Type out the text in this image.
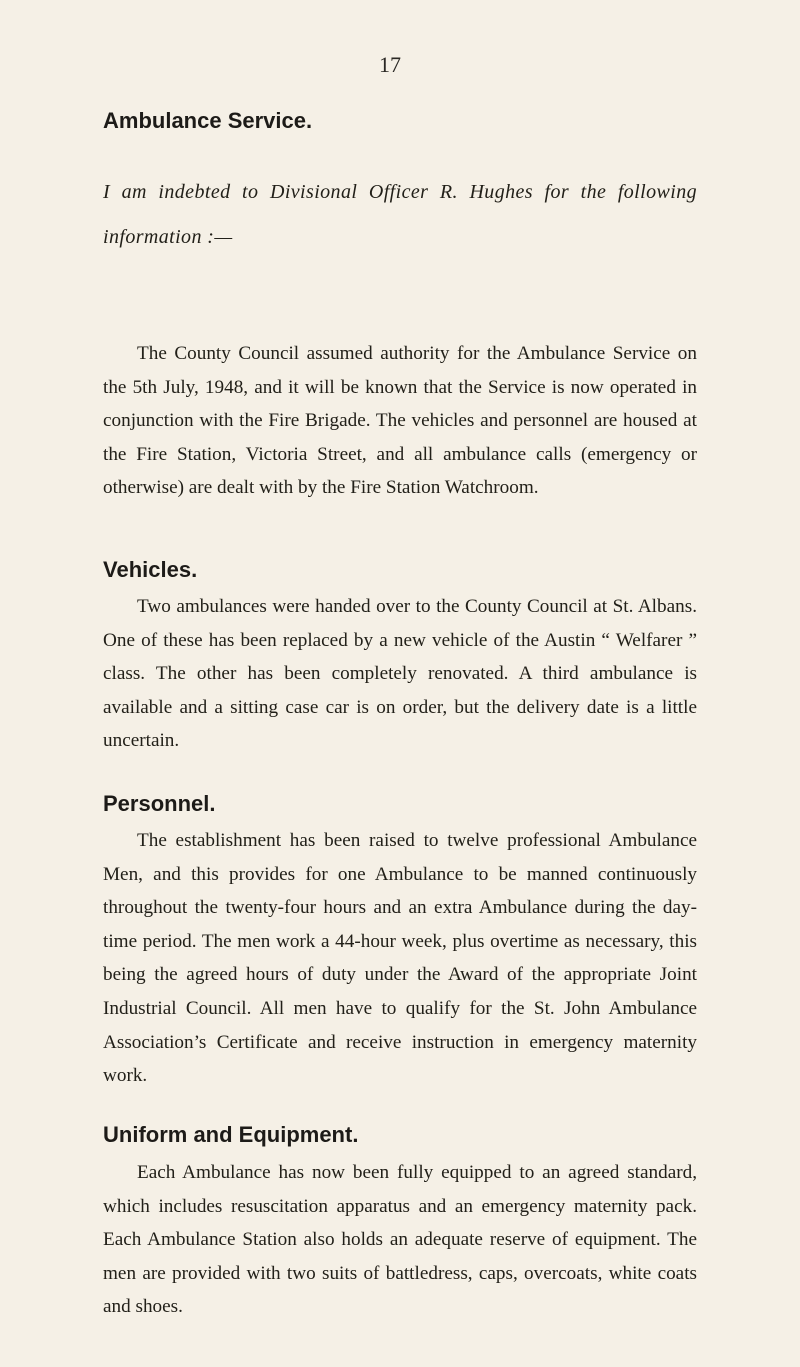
17
Ambulance Service.

I am indebted to Divisional Officer R. Hughes for the following information :—

The County Council assumed authority for the Ambulance Service on the 5th July, 1948, and it will be known that the Service is now operated in conjunction with the Fire Brigade. The vehicles and personnel are housed at the Fire Station, Victoria Street, and all ambulance calls (emergency or otherwise) are dealt with by the Fire Station Watchroom.

Vehicles.

Two ambulances were handed over to the County Council at St. Albans. One of these has been replaced by a new vehicle of the Austin “ Welfarer ” class. The other has been completely renovated. A third ambulance is available and a sitting case car is on order, but the delivery date is a little uncertain.

Personnel.

The establishment has been raised to twelve professional Ambulance Men, and this provides for one Ambulance to be manned continuously throughout the twenty-four hours and an extra Ambulance during the day-time period. The men work a 44-hour week, plus overtime as necessary, this being the agreed hours of duty under the Award of the appropriate Joint Industrial Council. All men have to qualify for the St. John Ambulance Association’s Certificate and receive instruction in emergency maternity work.

Uniform and Equipment.

Each Ambulance has now been fully equipped to an agreed standard, which includes resuscitation apparatus and an emergency maternity pack. Each Ambulance Station also holds an adequate reserve of equipment. The men are provided with two suits of battledress, caps, overcoats, white coats and shoes.
